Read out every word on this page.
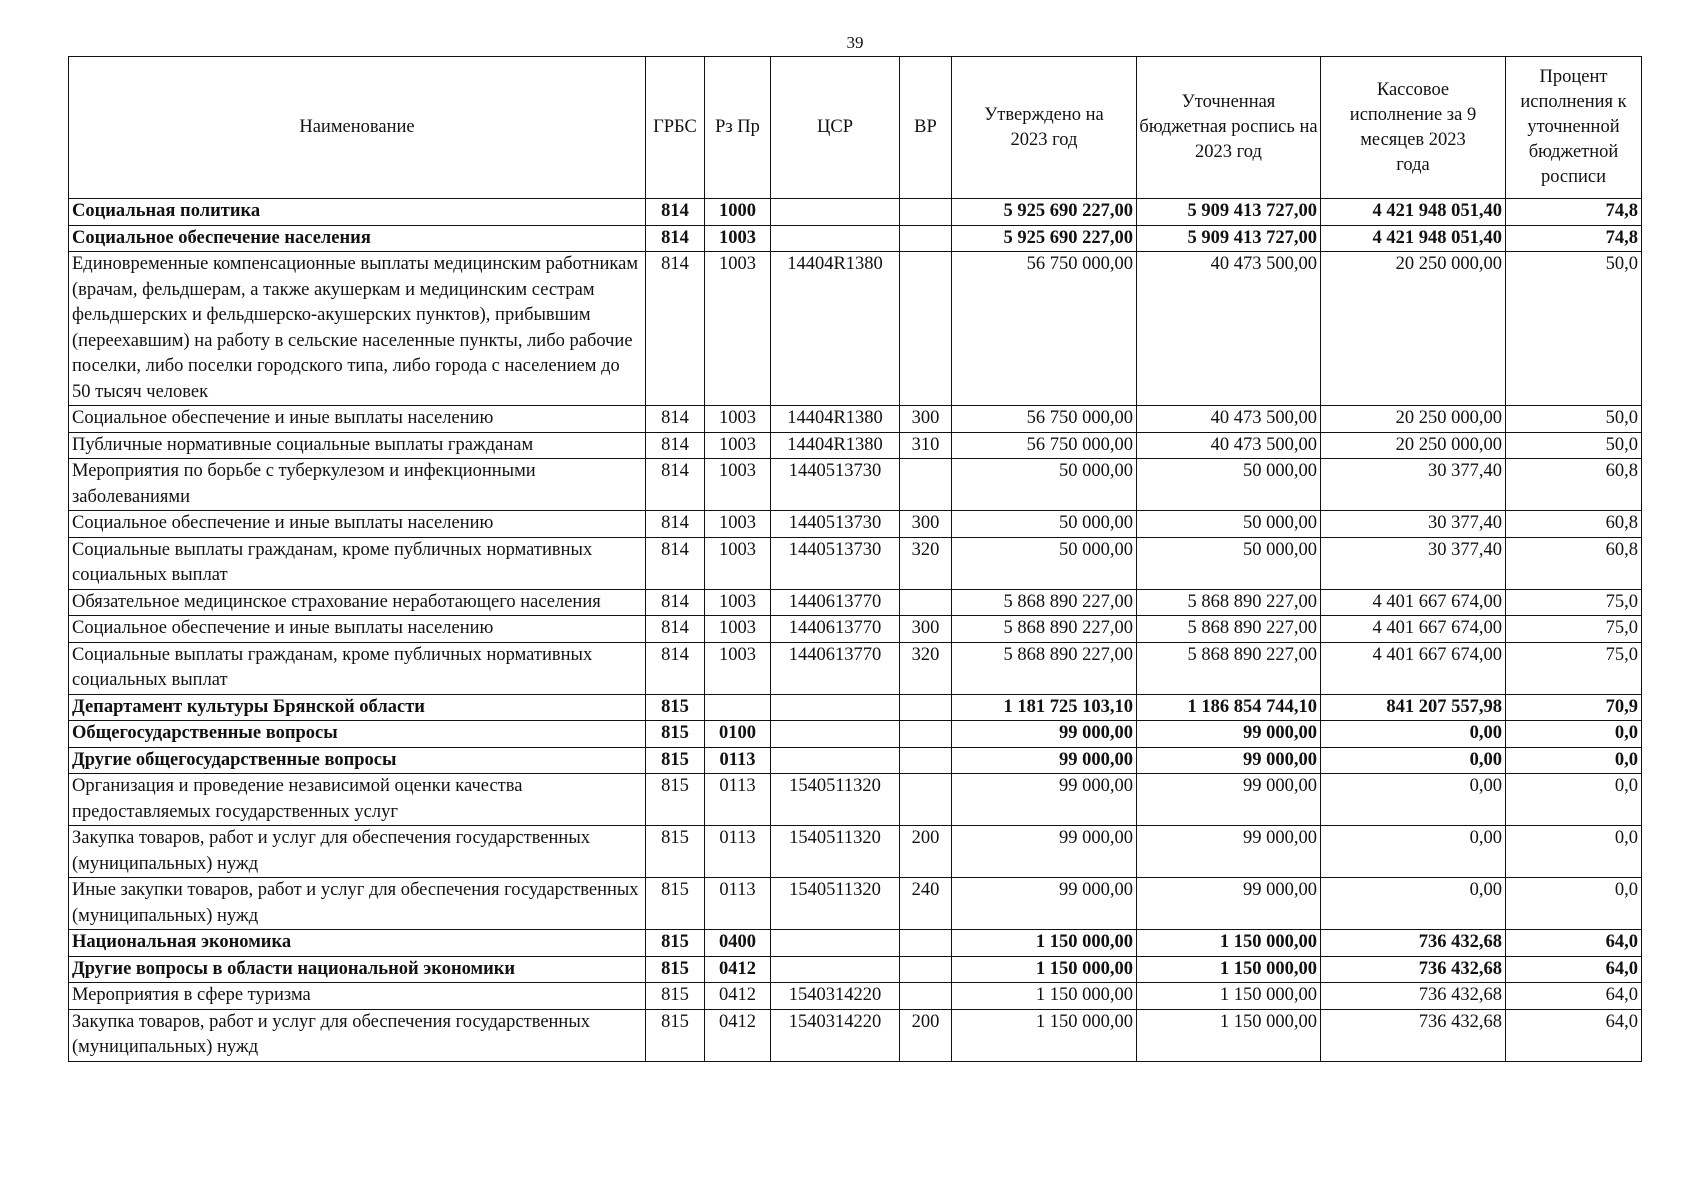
39
Наименование	ГРБС	Рз Пр	ЦСР	ВР	Утверждено на 2023 год	Уточненная бюджетная роспись на 2023 год	Кассовое исполнение за 9 месяцев 2023 года	Процент исполнения к уточненной бюджетной росписи
Социальная политика	814	1000			5 925 690 227,00	5 909 413 727,00	4 421 948 051,40	74,8
Социальное обеспечение населения	814	1003			5 925 690 227,00	5 909 413 727,00	4 421 948 051,40	74,8
Единовременные компенсационные выплаты медицинским работникам (врачам, фельдшерам, а также акушеркам и медицинским сестрам фельдшерских и фельдшерско-акушерских пунктов), прибывшим (переехавшим) на работу в сельские населенные пункты, либо рабочие поселки, либо поселки городского типа, либо города с населением до 50 тысяч человек	814	1003	14404R1380		56 750 000,00	40 473 500,00	20 250 000,00	50,0
Социальное обеспечение и иные выплаты населению	814	1003	14404R1380	300	56 750 000,00	40 473 500,00	20 250 000,00	50,0
Публичные нормативные социальные выплаты гражданам	814	1003	14404R1380	310	56 750 000,00	40 473 500,00	20 250 000,00	50,0
Мероприятия по борьбе с туберкулезом и инфекционными заболеваниями	814	1003	1440513730		50 000,00	50 000,00	30 377,40	60,8
Социальное обеспечение и иные выплаты населению	814	1003	1440513730	300	50 000,00	50 000,00	30 377,40	60,8
Социальные выплаты гражданам, кроме публичных нормативных социальных выплат	814	1003	1440513730	320	50 000,00	50 000,00	30 377,40	60,8
Обязательное медицинское страхование неработающего населения	814	1003	1440613770		5 868 890 227,00	5 868 890 227,00	4 401 667 674,00	75,0
Социальное обеспечение и иные выплаты населению	814	1003	1440613770	300	5 868 890 227,00	5 868 890 227,00	4 401 667 674,00	75,0
Социальные выплаты гражданам, кроме публичных нормативных социальных выплат	814	1003	1440613770	320	5 868 890 227,00	5 868 890 227,00	4 401 667 674,00	75,0
Департамент культуры Брянской области	815				1 181 725 103,10	1 186 854 744,10	841 207 557,98	70,9
Общегосударственные вопросы	815	0100			99 000,00	99 000,00	0,00	0,0
Другие общегосударственные вопросы	815	0113			99 000,00	99 000,00	0,00	0,0
Организация и проведение независимой оценки качества предоставляемых государственных услуг	815	0113	1540511320		99 000,00	99 000,00	0,00	0,0
Закупка товаров, работ и услуг для обеспечения государственных (муниципальных) нужд	815	0113	1540511320	200	99 000,00	99 000,00	0,00	0,0
Иные закупки товаров, работ и услуг для обеспечения государственных (муниципальных) нужд	815	0113	1540511320	240	99 000,00	99 000,00	0,00	0,0
Национальная экономика	815	0400			1 150 000,00	1 150 000,00	736 432,68	64,0
Другие вопросы в области национальной экономики	815	0412			1 150 000,00	1 150 000,00	736 432,68	64,0
Мероприятия в сфере туризма	815	0412	1540314220		1 150 000,00	1 150 000,00	736 432,68	64,0
Закупка товаров, работ и услуг для обеспечения государственных (муниципальных) нужд	815	0412	1540314220	200	1 150 000,00	1 150 000,00	736 432,68	64,0
